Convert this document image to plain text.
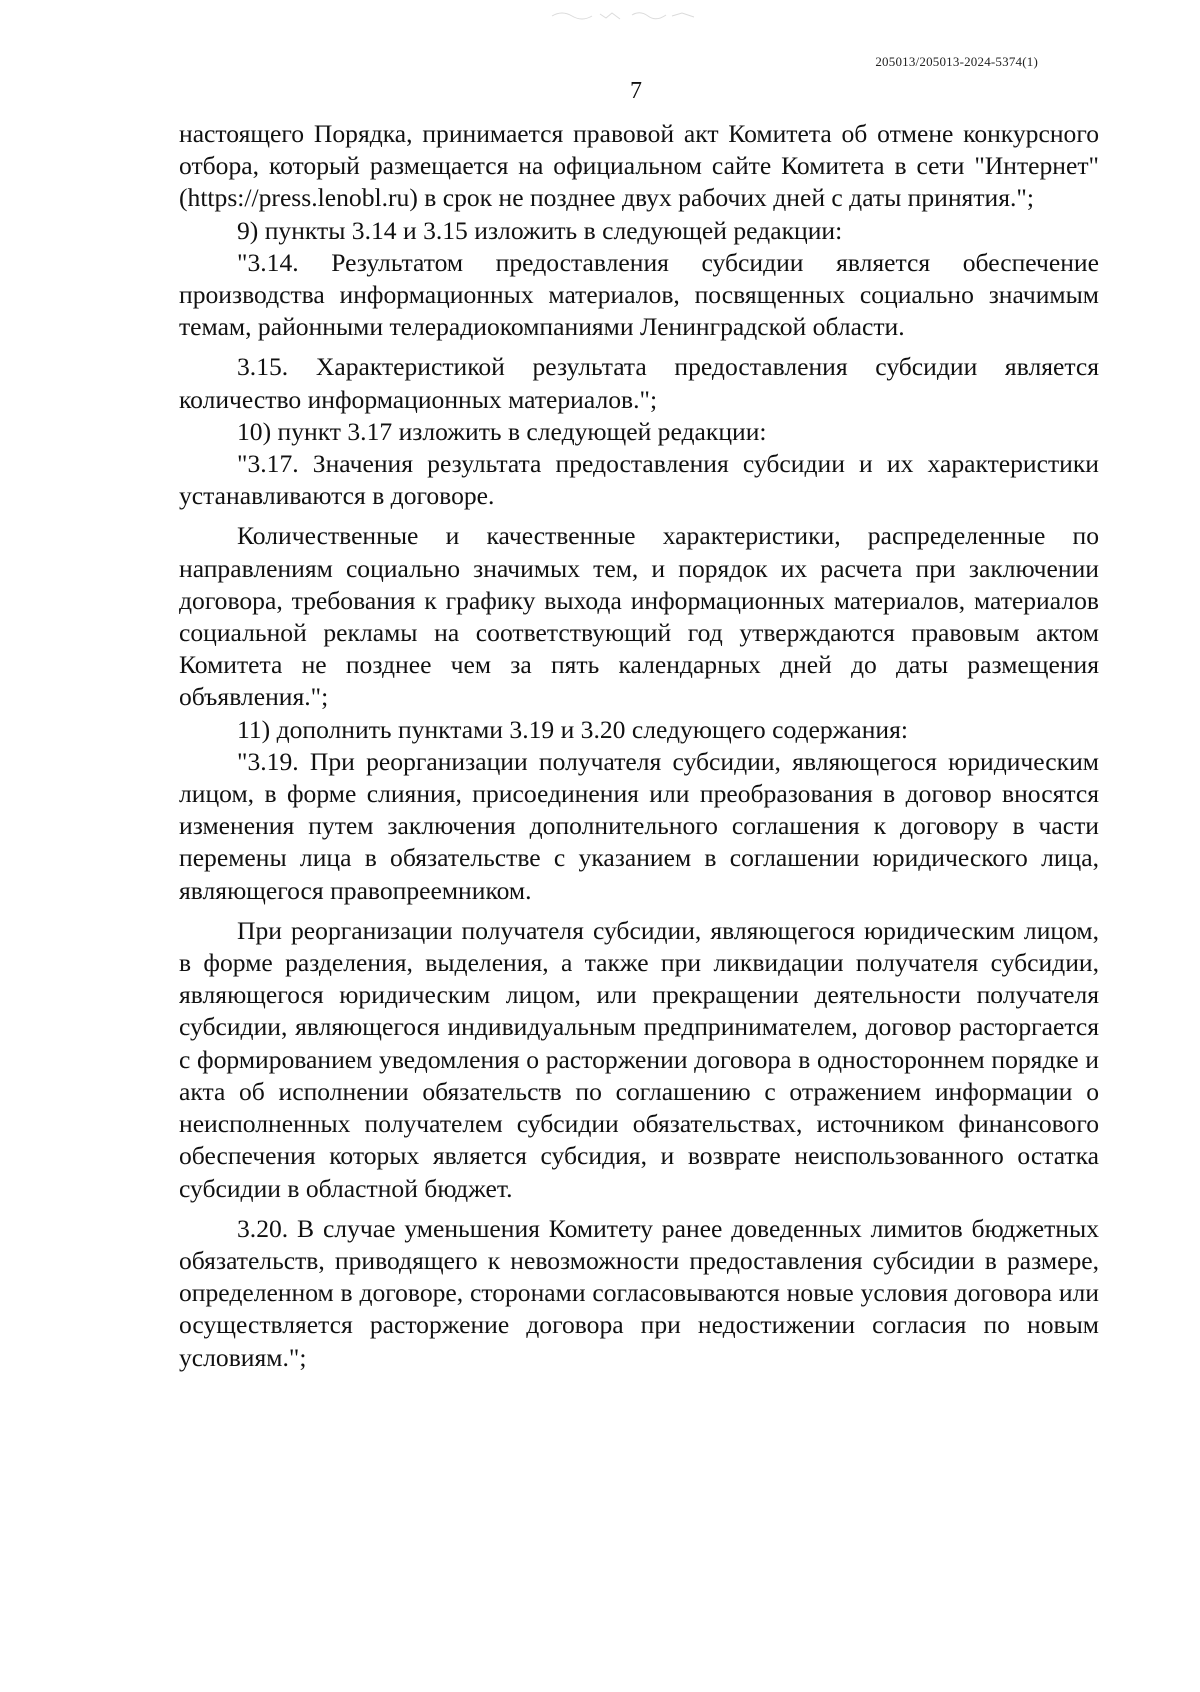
205013/205013-2024-5374(1)
7

настоящего Порядка, принимается правовой акт Комитета об отмене конкурсного отбора, который размещается на официальном сайте Комитета в сети "Интернет" (https://press.lenobl.ru) в срок не позднее двух рабочих дней с даты принятия.";

9) пункты 3.14 и 3.15 изложить в следующей редакции:

"3.14. Результатом предоставления субсидии является обеспечение производства информационных материалов, посвященных социально значимым темам, районными телерадиокомпаниями Ленинградской области.

3.15. Характеристикой результата предоставления субсидии является количество информационных материалов.";

10) пункт 3.17 изложить в следующей редакции:

"3.17. Значения результата предоставления субсидии и их характеристики устанавливаются в договоре.

Количественные и качественные характеристики, распределенные по направлениям социально значимых тем, и порядок их расчета при заключении договора, требования к графику выхода информационных материалов, материалов социальной рекламы на соответствующий год утверждаются правовым актом Комитета не позднее чем за пять календарных дней до даты размещения объявления.";

11) дополнить пунктами 3.19 и 3.20 следующего содержания:

"3.19. При реорганизации получателя субсидии, являющегося юридическим лицом, в форме слияния, присоединения или преобразования в договор вносятся изменения путем заключения дополнительного соглашения к договору в части перемены лица в обязательстве с указанием в соглашении юридического лица, являющегося правопреемником.

При реорганизации получателя субсидии, являющегося юридическим лицом, в форме разделения, выделения, а также при ликвидации получателя субсидии, являющегося юридическим лицом, или прекращении деятельности получателя субсидии, являющегося индивидуальным предпринимателем, договор расторгается с формированием уведомления о расторжении договора в одностороннем порядке и акта об исполнении обязательств по соглашению с отражением информации о неисполненных получателем субсидии обязательствах, источником финансового обеспечения которых является субсидия, и возврате неиспользованного остатка субсидии в областной бюджет.

3.20. В случае уменьшения Комитету ранее доведенных лимитов бюджетных обязательств, приводящего к невозможности предоставления субсидии в размере, определенном в договоре, сторонами согласовываются новые условия договора или осуществляется расторжение договора при недостижении согласия по новым условиям.";
